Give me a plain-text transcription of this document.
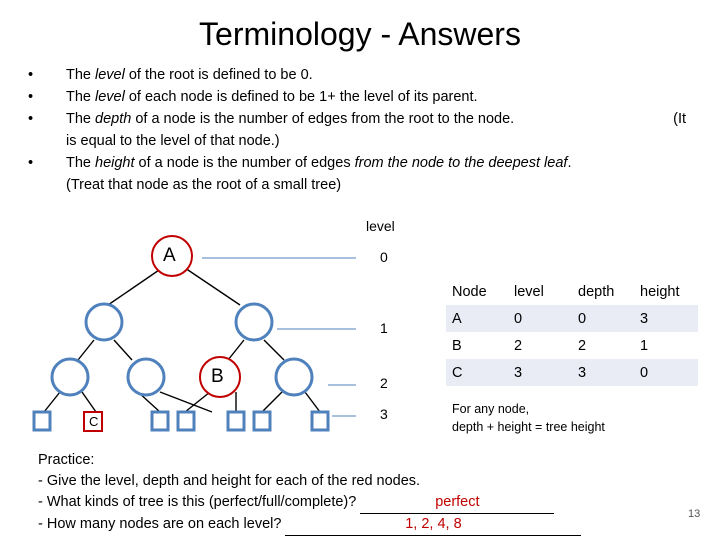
Terminology - Answers
• The level of the root is defined to be 0.
• The level of each node is defined to be 1+ the level of its parent.
• The depth of a node is the number of edges from the root to the node.	(It
is equal to the level of that node.)
• The height of a node is the number of edges from the node to the deepest leaf.
(Treat that node as the root of a small tree)
A
B
C
level
0
1
2
3
Node	level	depth	height
A	0	0	3
B	2	2	1
C	3	3	0
For any node,
depth + height = tree height
Practice:
- Give the level, depth and height for each of the red nodes.
- What kinds of tree is this (perfect/full/complete)?	perfect
- How many nodes are on each level?	1, 2, 4, 8
13
